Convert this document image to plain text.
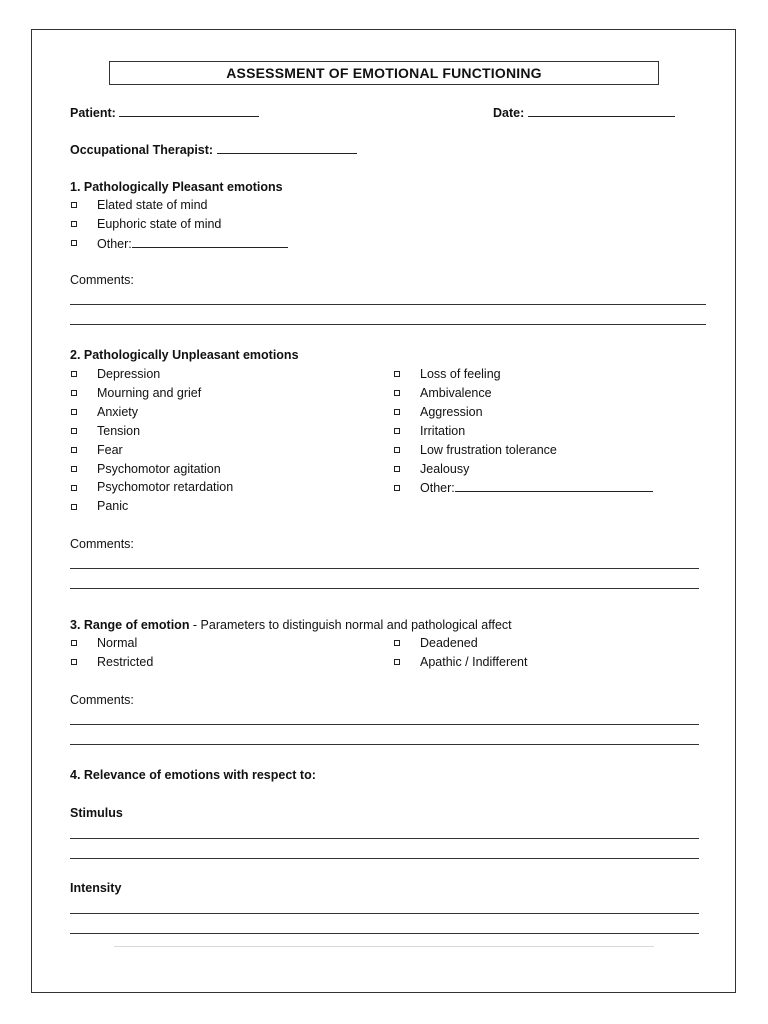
ASSESSMENT OF EMOTIONAL FUNCTIONING
Patient:	Date:
Occupational Therapist:
1. Pathologically Pleasant emotions
Elated state of mind
Euphoric state of mind
Other:
Comments:
2. Pathologically Unpleasant emotions
Depression
Mourning and grief
Anxiety
Tension
Fear
Psychomotor agitation
Psychomotor retardation
Panic
Loss of feeling
Ambivalence
Aggression
Irritation
Low frustration tolerance
Jealousy
Other:
Comments:
3. Range of emotion - Parameters to distinguish normal and pathological affect
Normal
Restricted
Deadened
Apathic / Indifferent
Comments:
4. Relevance of emotions with respect to:
Stimulus
Intensity
